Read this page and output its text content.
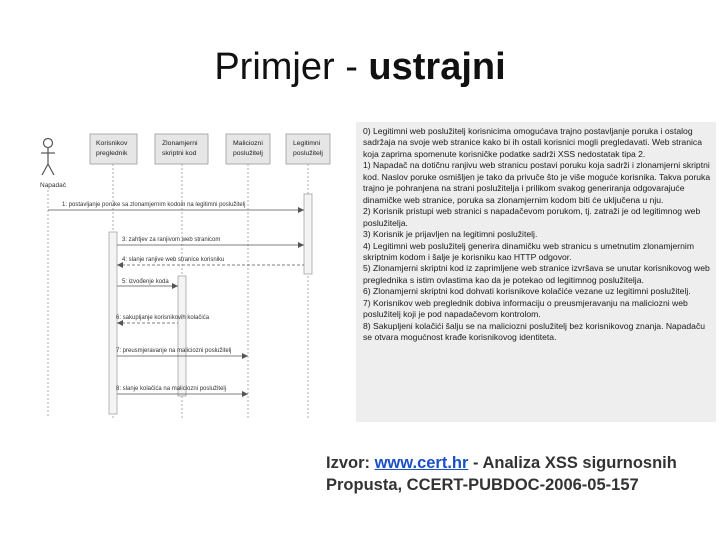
Primjer - ustrajni
Napadač
Korisnikov
preglednik
Zlonamjerni
skriptni kod
Maliciozni
poslužitelj
Legitimni
poslužitelj
1: postavljanje poruke sa zlonamjernim kodom na legitimni poslužitelj
3: zahtjev za ranjivom web stranicom
4: slanje ranjive web stranice korisniku
5: izvođenje koda
6: sakupljanje korisnikovih kolačića
7: preusmjeravanje na maliciozni poslužitelj
8: slanje kolačića na maliciozni poslužitelj

0) Legitimni web poslužitelj korisnicima omogućava trajno postavljanje poruka i ostalog sadržaja na svoje web stranice kako bi ih ostali korisnici mogli pregledavati. Web stranica koja zaprima spomenute korisničke podatke sadrži XSS nedostatak tipa 2.
1) Napadač na dotičnu ranjivu web stranicu postavi poruku koja sadrži i zlonamjerni skriptni kod. Naslov poruke osmišljen je tako da privuče što je više moguće korisnika. Takva poruka trajno je pohranjena na strani poslužitelja i prilikom svakog generiranja odgovarajuće dinamičke web stranice, poruka sa zlonamjernim kodom biti će uključena u nju.
2) Korisnik pristupi web stranici s napadačevom porukom, tj. zatraži je od legitimnog web poslužitelja.
3) Korisnik je prijavljen na legitimni poslužitelj.
4) Legitimni web poslužitelj generira dinamičku web stranicu s umetnutim zlonamjernim skriptnim kodom i šalje je korisniku kao HTTP odgovor.
5) Zlonamjerni skriptni kod iz zaprimljene web stranice izvršava se unutar korisnikovog web preglednika s istim ovlastima kao da je potekao od legitimnog poslužitelja.
6) Zlonamjerni skriptni kod dohvati korisnikove kolačiće vezane uz legitimni poslužitelj.
7) Korisnikov web preglednik dobiva informaciju o preusmjeravanju na maliciozni web poslužitelj koji je pod napadačevom kontrolom.
8) Sakupljeni kolačići šalju se na maliciozni poslužitelj bez korisnikovog znanja. Napadaču se otvara mogućnost krađe korisnikovog identiteta.

Izvor: www.cert.hr - Analiza XSS sigurnosnih
Propusta, CCERT-PUBDOC-2006-05-157
